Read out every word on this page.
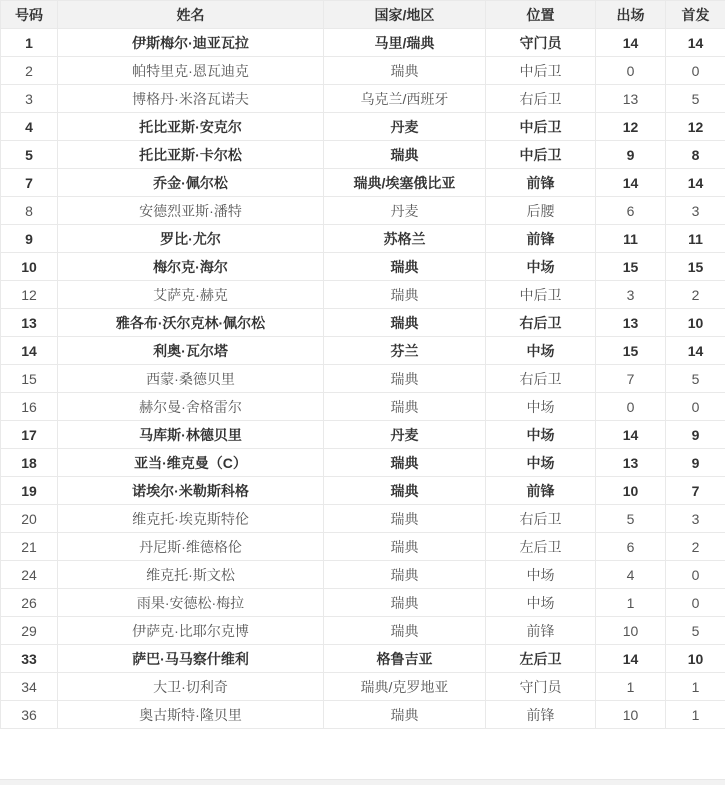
号码	姓名	国家/地区	位置	出场	首发
1	伊斯梅尔·迪亚瓦拉	马里/瑞典	守门员	14	14
2	帕特里克·恩瓦迪克	瑞典	中后卫	0	0
3	博格丹·米洛瓦诺夫	乌克兰/西班牙	右后卫	13	5
4	托比亚斯·安克尔	丹麦	中后卫	12	12
5	托比亚斯·卡尔松	瑞典	中后卫	9	8
7	乔金·佩尔松	瑞典/埃塞俄比亚	前锋	14	14
8	安德烈亚斯·潘特	丹麦	后腰	6	3
9	罗比·尤尔	苏格兰	前锋	11	11
10	梅尔克·海尔	瑞典	中场	15	15
12	艾萨克·赫克	瑞典	中后卫	3	2
13	雅各布·沃尔克林·佩尔松	瑞典	右后卫	13	10
14	利奥·瓦尔塔	芬兰	中场	15	14
15	西蒙·桑德贝里	瑞典	右后卫	7	5
16	赫尔曼·舍格雷尔	瑞典	中场	0	0
17	马库斯·林德贝里	丹麦	中场	14	9
18	亚当·维克曼（C）	瑞典	中场	13	9
19	诺埃尔·米勒斯科格	瑞典	前锋	10	7
20	维克托·埃克斯特伦	瑞典	右后卫	5	3
21	丹尼斯·维德格伦	瑞典	左后卫	6	2
24	维克托·斯文松	瑞典	中场	4	0
26	雨果·安德松·梅拉	瑞典	中场	1	0
29	伊萨克·比耶尔克博	瑞典	前锋	10	5
33	萨巴·马马察什维利	格鲁吉亚	左后卫	14	10
34	大卫·切利奇	瑞典/克罗地亚	守门员	1	1
36	奥古斯特·隆贝里	瑞典	前锋	10	1
